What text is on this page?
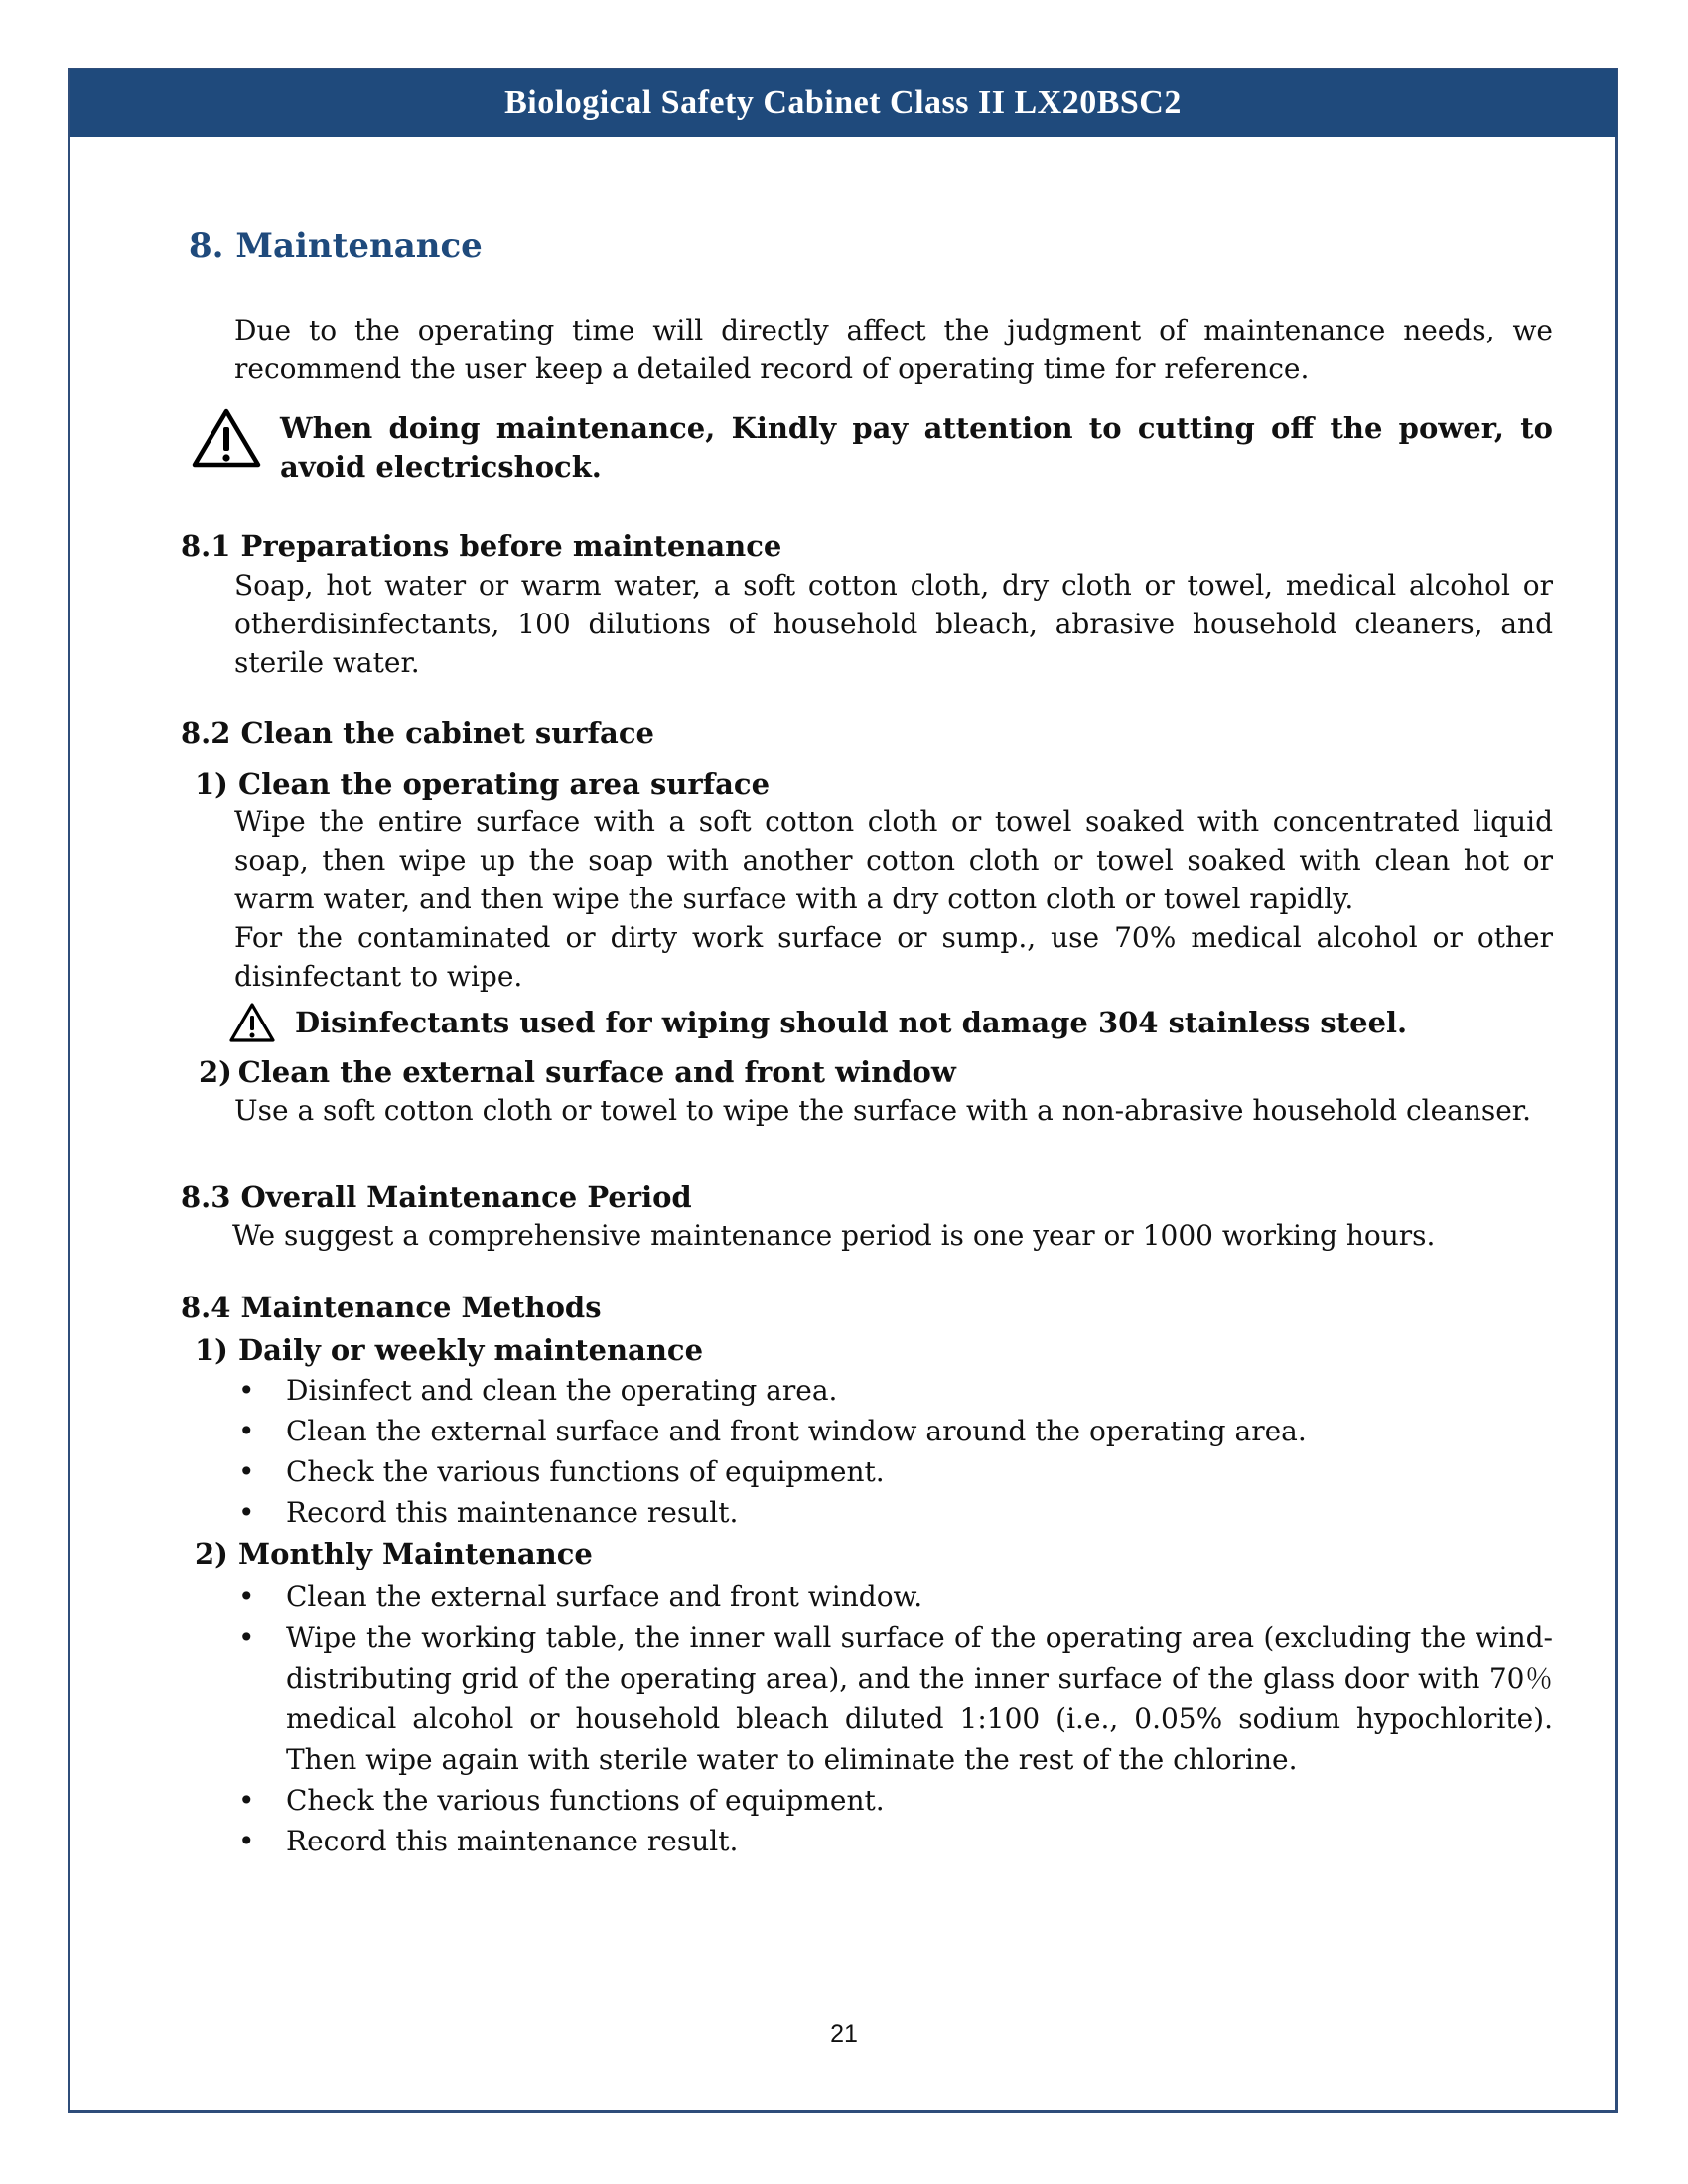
Biological Safety Cabinet Class II LX20BSC2
8. Maintenance
Due to the operating time will directly affect the judgment of maintenance needs, we recommend the user keep a detailed record of operating time for reference.
When doing maintenance, Kindly pay attention to cutting off the power, to avoid electricshock.
8.1 Preparations before maintenance
Soap, hot water or warm water, a soft cotton cloth, dry cloth or towel, medical alcohol or otherdisinfectants, 100 dilutions of household bleach, abrasive household cleaners, and sterile water.
8.2 Clean the cabinet surface
1) Clean the operating area surface
Wipe the entire surface with a soft cotton cloth or towel soaked with concentrated liquid soap, then wipe up the soap with another cotton cloth or towel soaked with clean hot or warm water, and then wipe the surface with a dry cotton cloth or towel rapidly.
For the contaminated or dirty work surface or sump., use 70% medical alcohol or other disinfectant to wipe.
Disinfectants used for wiping should not damage 304 stainless steel.
2) Clean the external surface and front window
Use a soft cotton cloth or towel to wipe the surface with a non-abrasive household cleanser.
8.3 Overall Maintenance Period
We suggest a comprehensive maintenance period is one year or 1000 working hours.
8.4 Maintenance Methods
1) Daily or weekly maintenance
• Disinfect and clean the operating area.
• Clean the external surface and front window around the operating area.
• Check the various functions of equipment.
• Record this maintenance result.
2) Monthly Maintenance
• Clean the external surface and front window.
• Wipe the working table, the inner wall surface of the operating area (excluding the wind-distributing grid of the operating area), and the inner surface of the glass door with 70％ medical alcohol or household bleach diluted 1:100 (i.e., 0.05% sodium hypochlorite). Then wipe again with sterile water to eliminate the rest of the chlorine.
• Check the various functions of equipment.
• Record this maintenance result.
21
